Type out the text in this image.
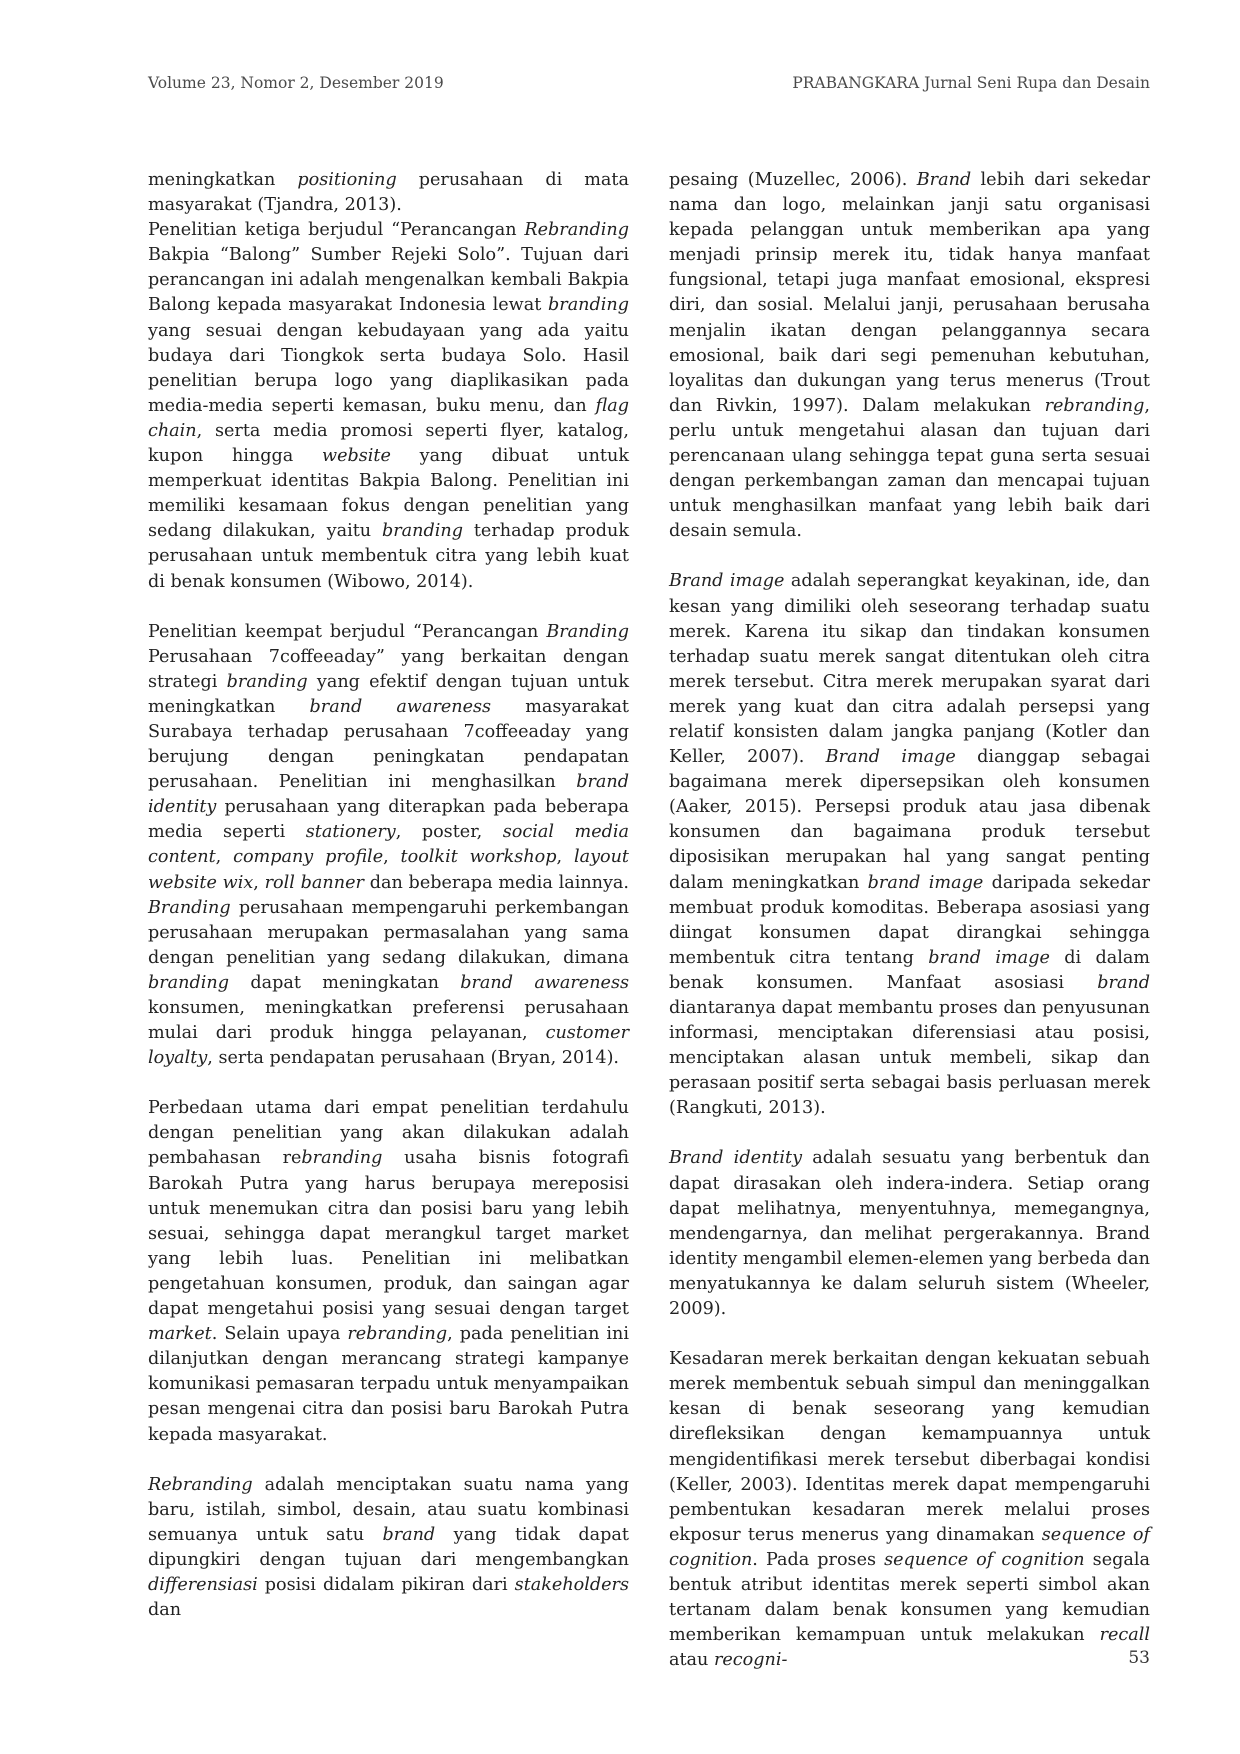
Volume 23, Nomor 2, Desember 2019	PRABANGKARA Jurnal Seni Rupa dan Desain

meningkatkan positioning perusahaan di mata masyarakat (Tjandra, 2013).

Penelitian ketiga berjudul “Perancangan Rebranding Bakpia “Balong” Sumber Rejeki Solo”. Tujuan dari perancangan ini adalah mengenalkan kembali Bakpia Balong kepada masyarakat Indonesia lewat branding yang sesuai dengan kebudayaan yang ada yaitu budaya dari Tiongkok serta budaya Solo. Hasil penelitian berupa logo yang diaplikasikan pada media-media seperti kemasan, buku menu, dan flag chain, serta media promosi seperti flyer, katalog, kupon hingga website yang dibuat untuk memperkuat identitas Bakpia Balong. Penelitian ini memiliki kesamaan fokus dengan penelitian yang sedang dilakukan, yaitu branding terhadap produk perusahaan untuk membentuk citra yang lebih kuat di benak konsumen (Wibowo, 2014).

Penelitian keempat berjudul “Perancangan Branding Perusahaan 7coffeeaday” yang berkaitan dengan strategi branding yang efektif dengan tujuan untuk meningkatkan brand awareness masyarakat Surabaya terhadap perusahaan 7coffeeaday yang berujung dengan peningkatan pendapatan perusahaan. Penelitian ini menghasilkan brand identity perusahaan yang diterapkan pada beberapa media seperti stationery, poster, social media content, company profile, toolkit workshop, layout website wix, roll banner dan beberapa media lainnya. Branding perusahaan mempengaruhi perkembangan perusahaan merupakan permasalahan yang sama dengan penelitian yang sedang dilakukan, dimana branding dapat meningkatan brand awareness konsumen, meningkatkan preferensi perusahaan mulai dari produk hingga pelayanan, customer loyalty, serta pendapatan perusahaan (Bryan, 2014).

Perbedaan utama dari empat penelitian terdahulu dengan penelitian yang akan dilakukan adalah pembahasan rebranding usaha bisnis fotografi Barokah Putra yang harus berupaya mereposisi untuk menemukan citra dan posisi baru yang lebih sesuai, sehingga dapat merangkul target market yang lebih luas. Penelitian ini melibatkan pengetahuan konsumen, produk, dan saingan agar dapat mengetahui posisi yang sesuai dengan target market. Selain upaya rebranding, pada penelitian ini dilanjutkan dengan merancang strategi kampanye komunikasi pemasaran terpadu untuk menyampaikan pesan mengenai citra dan posisi baru Barokah Putra kepada masyarakat.

Rebranding adalah menciptakan suatu nama yang baru, istilah, simbol, desain, atau suatu kombinasi semuanya untuk satu brand yang tidak dapat dipungkiri dengan tujuan dari mengembangkan differensiasi posisi didalam pikiran dari stakeholders dan

pesaing (Muzellec, 2006). Brand lebih dari sekedar nama dan logo, melainkan janji satu organisasi kepada pelanggan untuk memberikan apa yang menjadi prinsip merek itu, tidak hanya manfaat fungsional, tetapi juga manfaat emosional, ekspresi diri, dan sosial. Melalui janji, perusahaan berusaha menjalin ikatan dengan pelanggannya secara emosional, baik dari segi pemenuhan kebutuhan, loyalitas dan dukungan yang terus menerus (Trout dan Rivkin, 1997). Dalam melakukan rebranding, perlu untuk mengetahui alasan dan tujuan dari perencanaan ulang sehingga tepat guna serta sesuai dengan perkembangan zaman dan mencapai tujuan untuk menghasilkan manfaat yang lebih baik dari desain semula.

Brand image adalah seperangkat keyakinan, ide, dan kesan yang dimiliki oleh seseorang terhadap suatu merek. Karena itu sikap dan tindakan konsumen terhadap suatu merek sangat ditentukan oleh citra merek tersebut. Citra merek merupakan syarat dari merek yang kuat dan citra adalah persepsi yang relatif konsisten dalam jangka panjang (Kotler dan Keller, 2007). Brand image dianggap sebagai bagaimana merek dipersepsikan oleh konsumen (Aaker, 2015). Persepsi produk atau jasa dibenak konsumen dan bagaimana produk tersebut diposisikan merupakan hal yang sangat penting dalam meningkatkan brand image daripada sekedar membuat produk komoditas. Beberapa asosiasi yang diingat konsumen dapat dirangkai sehingga membentuk citra tentang brand image di dalam benak konsumen. Manfaat asosiasi brand diantaranya dapat membantu proses dan penyusunan informasi, menciptakan diferensiasi atau posisi, menciptakan alasan untuk membeli, sikap dan perasaan positif serta sebagai basis perluasan merek (Rangkuti, 2013).

Brand identity adalah sesuatu yang berbentuk dan dapat dirasakan oleh indera-indera. Setiap orang dapat melihatnya, menyentuhnya, memegangnya, mendengarnya, dan melihat pergerakannya. Brand identity mengambil elemen-elemen yang berbeda dan menyatukannya ke dalam seluruh sistem (Wheeler, 2009).

Kesadaran merek berkaitan dengan kekuatan sebuah merek membentuk sebuah simpul dan meninggalkan kesan di benak seseorang yang kemudian direfleksikan dengan kemampuannya untuk mengidentifikasi merek tersebut diberbagai kondisi (Keller, 2003). Identitas merek dapat mempengaruhi pembentukan kesadaran merek melalui proses ekposur terus menerus yang dinamakan sequence of cognition. Pada proses sequence of cognition segala bentuk atribut identitas merek seperti simbol akan tertanam dalam benak konsumen yang kemudian memberikan kemampuan untuk melakukan recall atau recogni-	53
